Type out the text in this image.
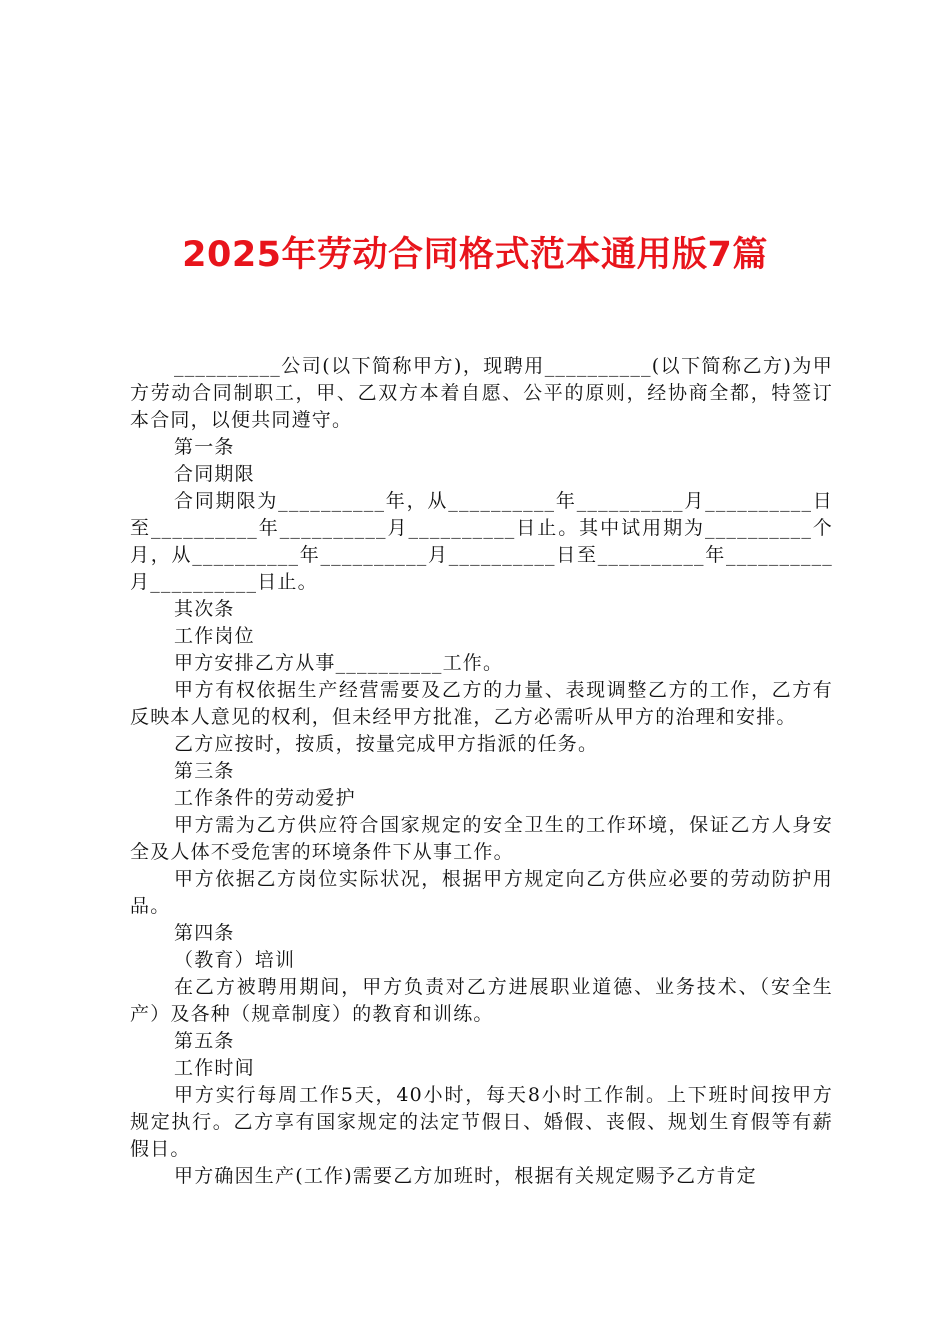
2025年劳动合同格式范本通用版7篇

__________公司(以下简称甲方)，现聘用__________(以下简称乙方)为甲方劳动合同制职工，甲、乙双方本着自愿、公平的原则，经协商全都，特签订本合同，以便共同遵守。

第一条

合同期限

合同期限为__________年，从__________年__________月__________日至__________年__________月__________日止。其中试用期为__________个月，从__________年__________月__________日至__________年__________月__________日止。

其次条

工作岗位

甲方安排乙方从事__________工作。

甲方有权依据生产经营需要及乙方的力量、表现调整乙方的工作，乙方有反映本人意见的权利，但未经甲方批准，乙方必需听从甲方的治理和安排。

乙方应按时，按质，按量完成甲方指派的任务。

第三条

工作条件的劳动爱护

甲方需为乙方供应符合国家规定的安全卫生的工作环境，保证乙方人身安全及人体不受危害的环境条件下从事工作。

甲方依据乙方岗位实际状况，根据甲方规定向乙方供应必要的劳动防护用品。

第四条

（教育）培训

在乙方被聘用期间，甲方负责对乙方进展职业道德、业务技术、（安全生产）及各种（规章制度）的教育和训练。

第五条

工作时间

甲方实行每周工作5天，40小时，每天8小时工作制。上下班时间按甲方规定执行。乙方享有国家规定的法定节假日、婚假、丧假、规划生育假等有薪假日。

甲方确因生产(工作)需要乙方加班时，根据有关规定赐予乙方肯定
